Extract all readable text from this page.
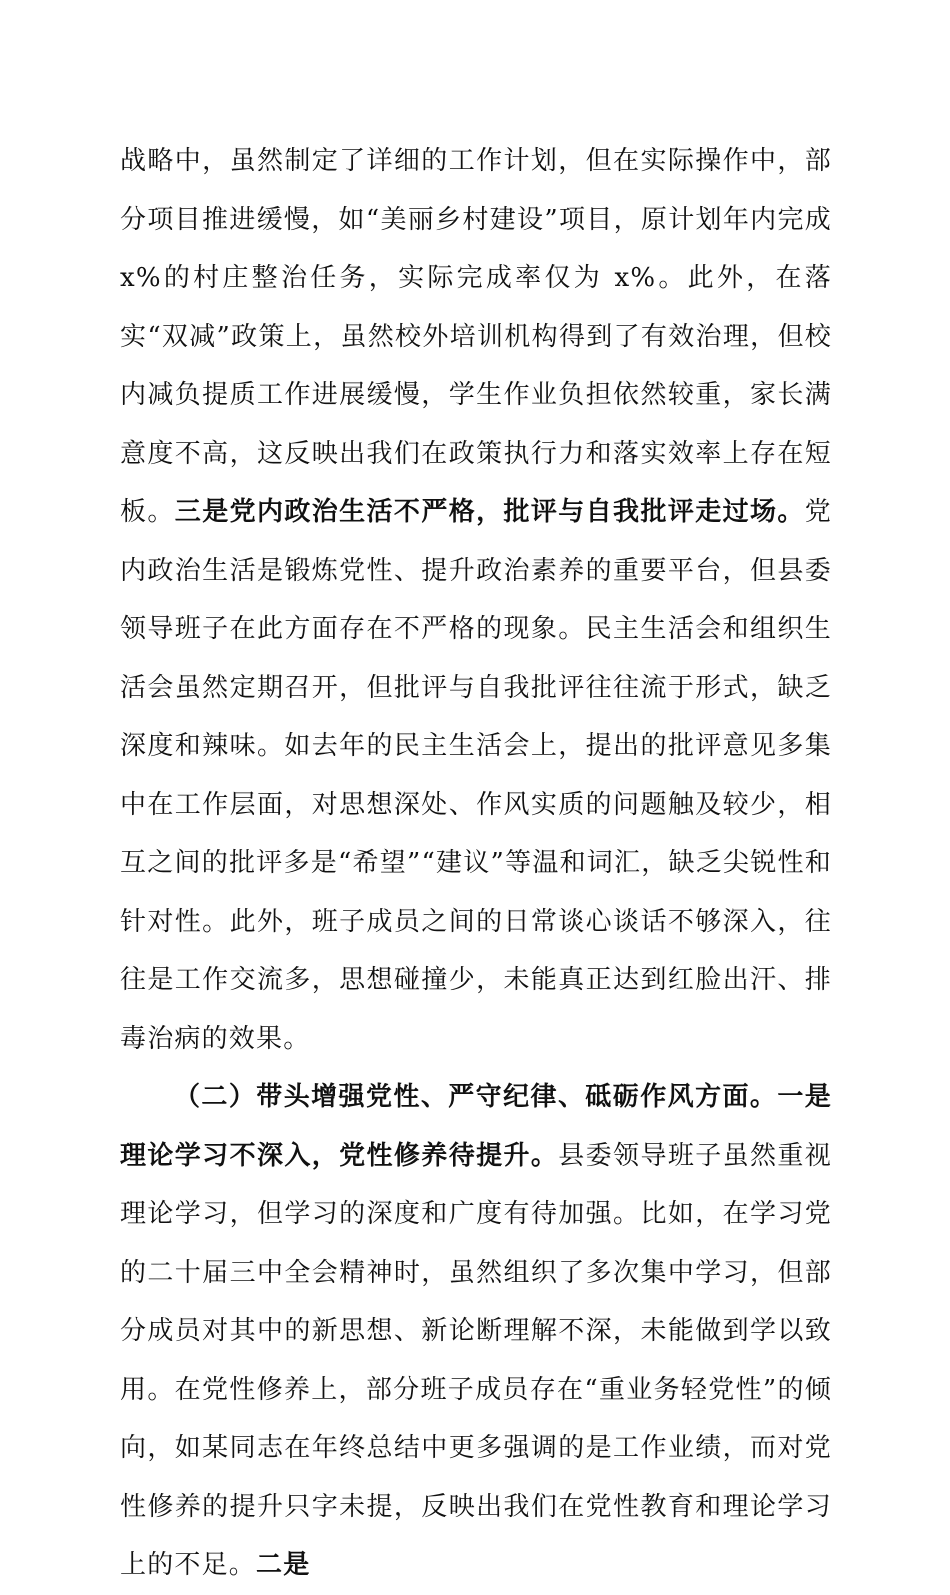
战略中，虽然制定了详细的工作计划，但在实际操作中，部分项目推进缓慢，如“美丽乡村建设”项目，原计划年内完成 x%的村庄整治任务，实际完成率仅为 x%。此外，在落实“双减”政策上，虽然校外培训机构得到了有效治理，但校内减负提质工作进展缓慢，学生作业负担依然较重，家长满意度不高，这反映出我们在政策执行力和落实效率上存在短板。三是党内政治生活不严格，批评与自我批评走过场。党内政治生活是锻炼党性、提升政治素养的重要平台，但县委领导班子在此方面存在不严格的现象。民主生活会和组织生活会虽然定期召开，但批评与自我批评往往流于形式，缺乏深度和辣味。如去年的民主生活会上，提出的批评意见多集中在工作层面，对思想深处、作风实质的问题触及较少，相互之间的批评多是“希望”“建议”等温和词汇，缺乏尖锐性和针对性。此外，班子成员之间的日常谈心谈话不够深入，往往是工作交流多，思想碰撞少，未能真正达到红脸出汗、排毒治病的效果。

（二）带头增强党性、严守纪律、砥砺作风方面。一是理论学习不深入，党性修养待提升。县委领导班子虽然重视理论学习，但学习的深度和广度有待加强。比如，在学习党的二十届三中全会精神时，虽然组织了多次集中学习，但部分成员对其中的新思想、新论断理解不深，未能做到学以致用。在党性修养上，部分班子成员存在“重业务轻党性”的倾向，如某同志在年终总结中更多强调的是工作业绩，而对党性修养的提升只字未提，反映出我们在党性教育和理论学习上的不足。二是
